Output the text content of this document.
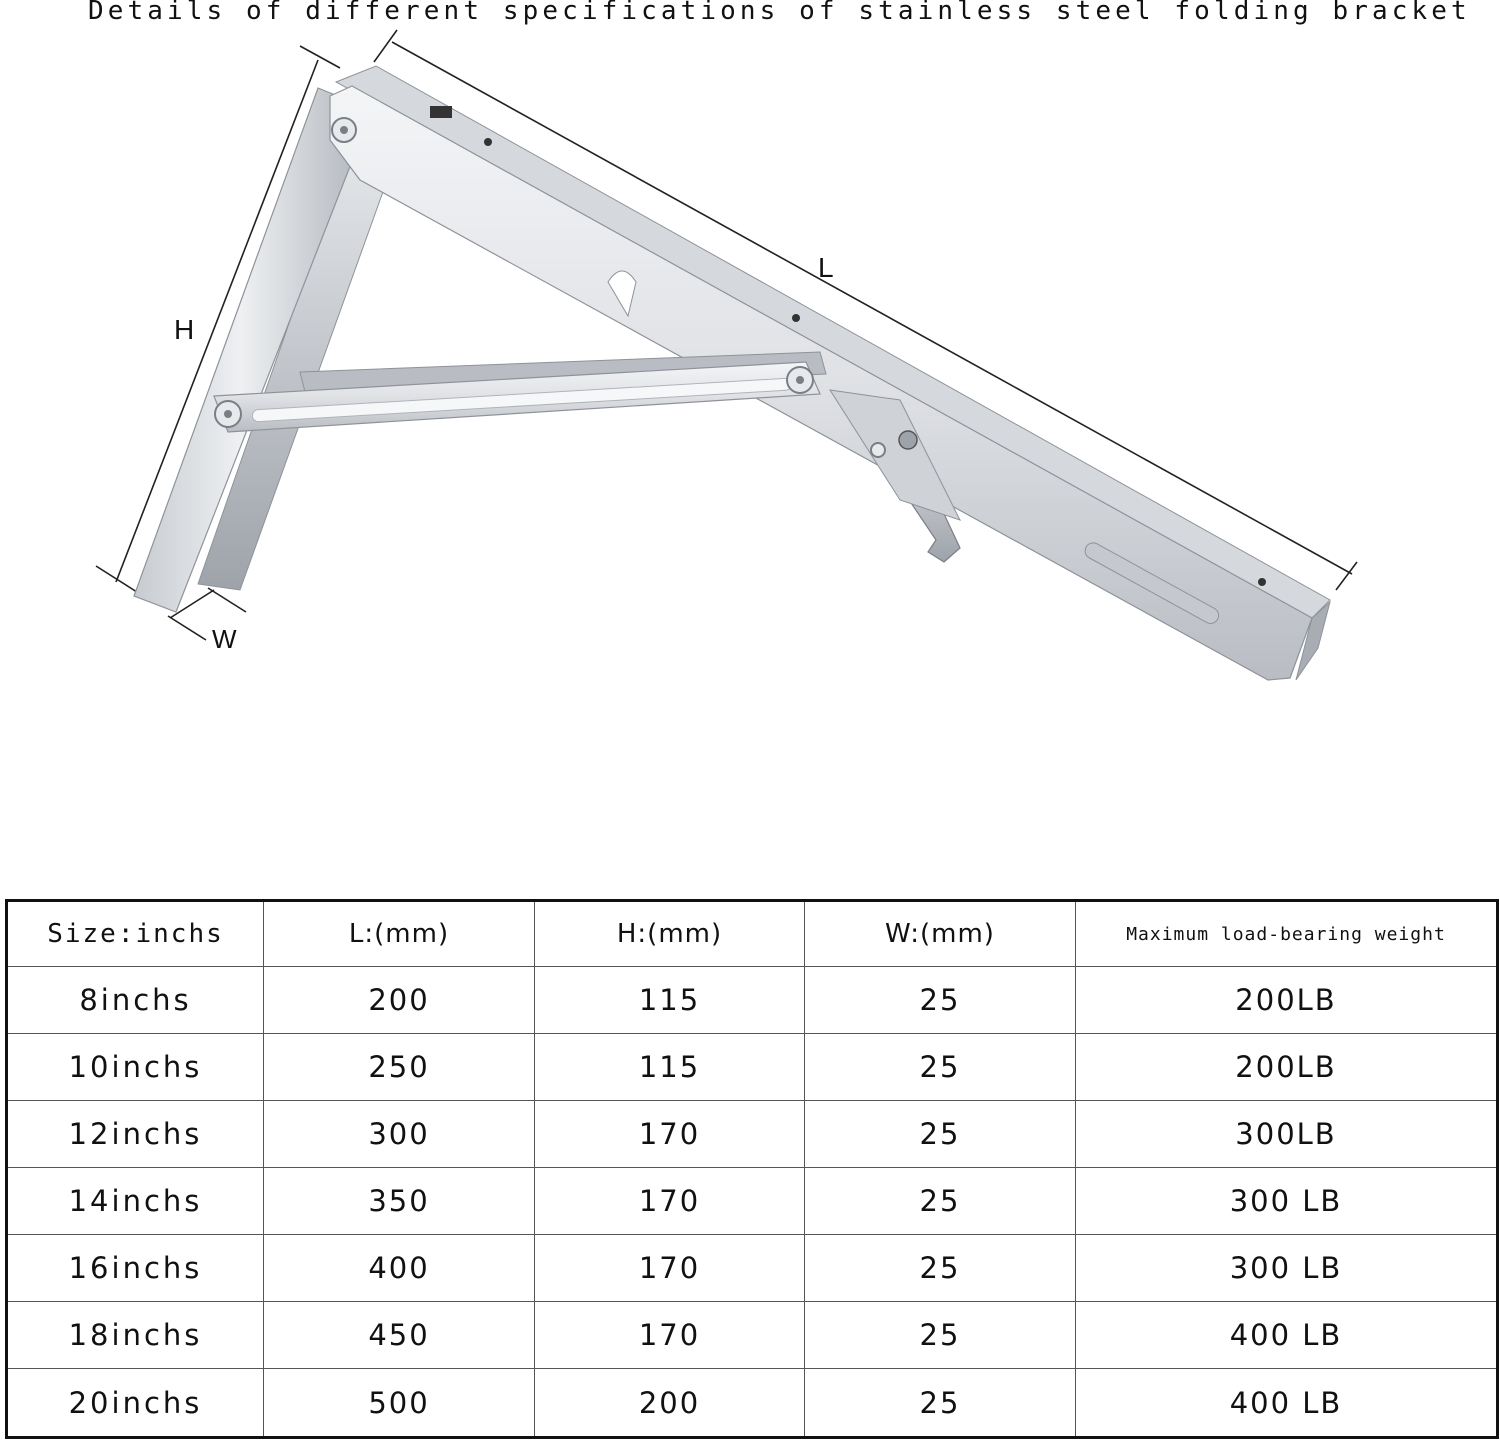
Details of different specifications of stainless steel folding bracket
L
H
W
Size:inchs	L:(mm)	H:(mm)	W:(mm)	Maximum load-bearing weight
8inchs	200	115	25	200LB
10inchs	250	115	25	200LB
12inchs	300	170	25	300LB
14inchs	350	170	25	300 LB
16inchs	400	170	25	300 LB
18inchs	450	170	25	400 LB
20inchs	500	200	25	400 LB
